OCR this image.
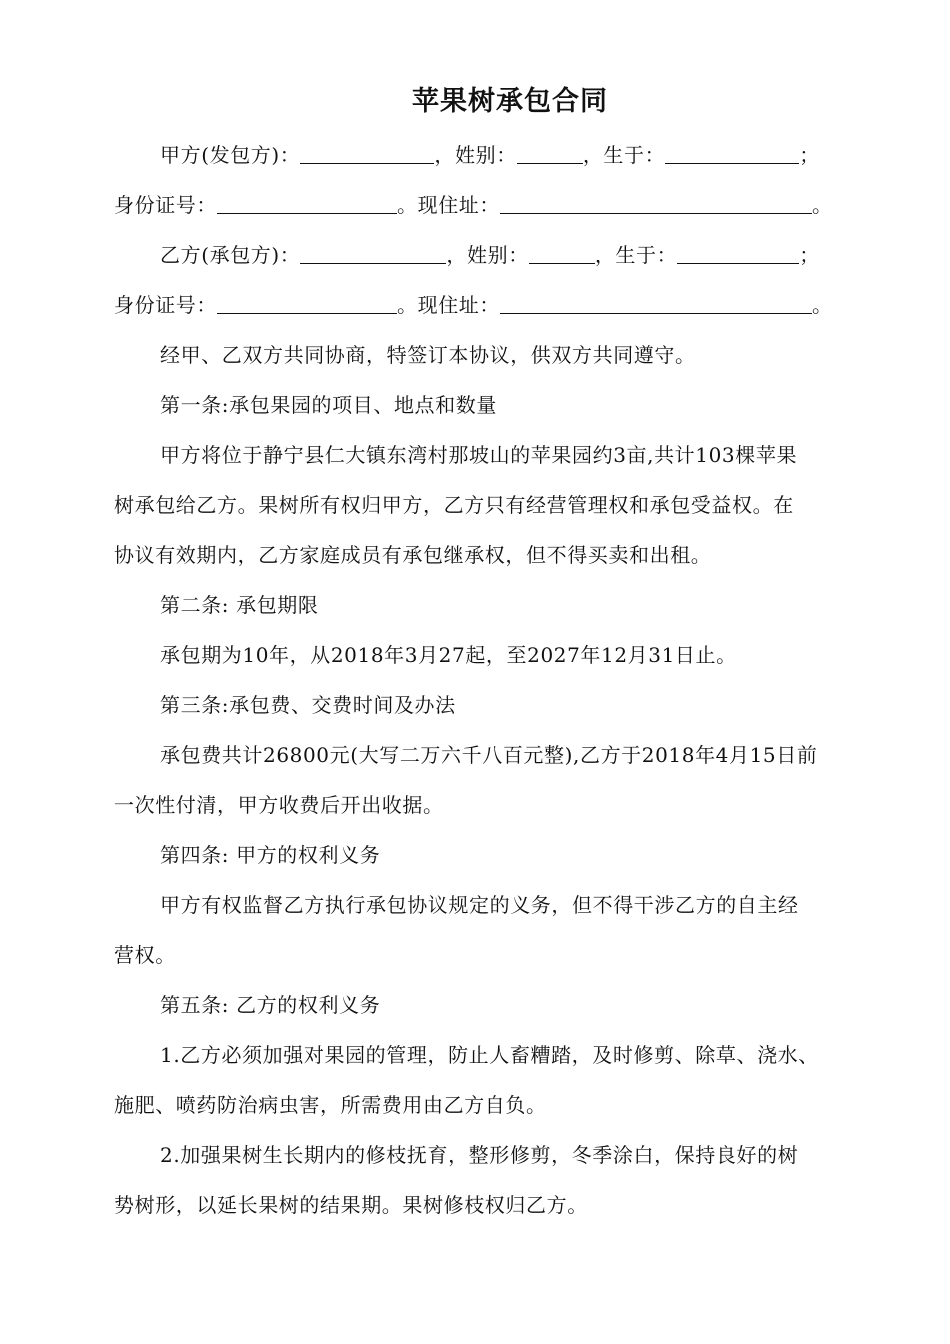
苹果树承包合同
甲方(发包方)：	，姓别：	，生于：	；
身份证号：	。现住址：	。
乙方(承包方)：	，姓别：	，生于：	；
身份证号：	。现住址：	。
经甲、乙双方共同协商，特签订本协议，供双方共同遵守。
第一条:承包果园的项目、地点和数量
甲方将位于静宁县仁大镇东湾村那坡山的苹果园约3亩,共计103棵苹果
树承包给乙方。果树所有权归甲方，乙方只有经营管理权和承包受益权。在
协议有效期内，乙方家庭成员有承包继承权，但不得买卖和出租。
第二条: 承包期限
承包期为10年，从2018年3月27起，至2027年12月31日止。
第三条:承包费、交费时间及办法
承包费共计26800元(大写二万六千八百元整),乙方于2018年4月15日前
一次性付清，甲方收费后开出收据。
第四条: 甲方的权利义务
甲方有权监督乙方执行承包协议规定的义务，但不得干涉乙方的自主经
营权。
第五条: 乙方的权利义务
1.乙方必须加强对果园的管理，防止人畜糟踏，及时修剪、除草、浇水、
施肥、喷药防治病虫害，所需费用由乙方自负。
2.加强果树生长期内的修枝抚育，整形修剪，冬季涂白，保持良好的树
势树形，以延长果树的结果期。果树修枝权归乙方。
